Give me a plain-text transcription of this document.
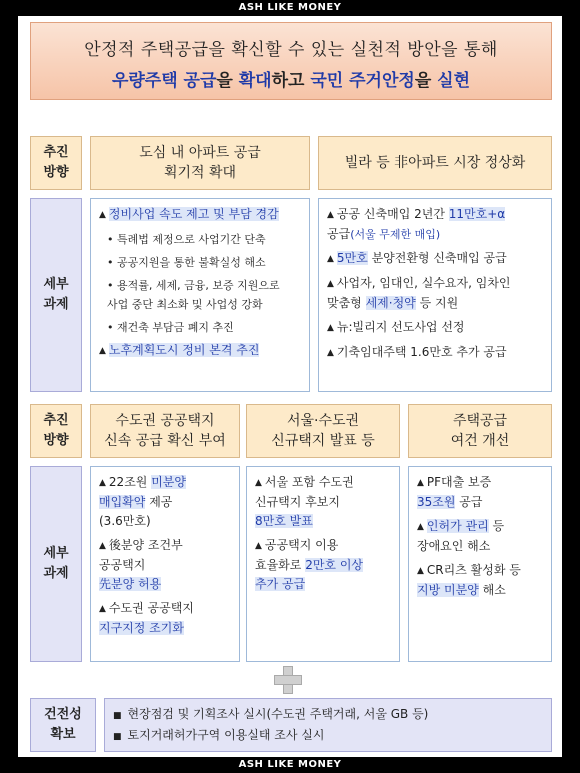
ASH LIKE MONEY
안정적 주택공급을 확신할 수 있는 실천적 방안을 통해
우량주택 공급을 확대하고 국민 주거안정을 실현
추진
방향
도심 내 아파트 공급
획기적 확대
빌라 등 非아파트 시장 정상화
세부
과제
▲ 정비사업 속도 제고 및 부담 경감
• 특례법 제정으로 사업기간 단축
• 공공지원을 통한 불확실성 해소
• 용적률, 세제, 금융, 보증 지원으로
사업 중단 최소화 및 사업성 강화
• 재건축 부담금 폐지 추진
▲ 노후계획도시 정비 본격 추진
▲ 공공 신축매입 2년간 11만호+α
공급(서울 무제한 매입)
▲ 5만호 분양전환형 신축매입 공급
▲ 사업자, 임대인, 실수요자, 임차인
맞춤형 세제·청약 등 지원
▲ 뉴:빌리지 선도사업 선정
▲ 기축임대주택 1.6만호 추가 공급
추진
방향
수도권 공공택지
신속 공급 확신 부여
서울·수도권
신규택지 발표 등
주택공급
여건 개선
세부
과제
▲ 22조원 미분양
매입확약 제공
(3.6만호)
▲ 後분양 조건부
공공택지
先분양 허용
▲ 수도권 공공택지
지구지정 조기화
▲ 서울 포함 수도권
신규택지 후보지
8만호 발표
▲ 공공택지 이용
효율화로 2만호 이상
추가 공급
▲ PF대출 보증
35조원 공급
▲ 인허가 관리 등
장애요인 해소
▲ CR리츠 활성화 등
지방 미분양 해소
건전성
확보
■ 현장점검 및 기획조사 실시(수도권 주택거래, 서울 GB 등)
■ 토지거래허가구역 이용실태 조사 실시
ASH LIKE MONEY
